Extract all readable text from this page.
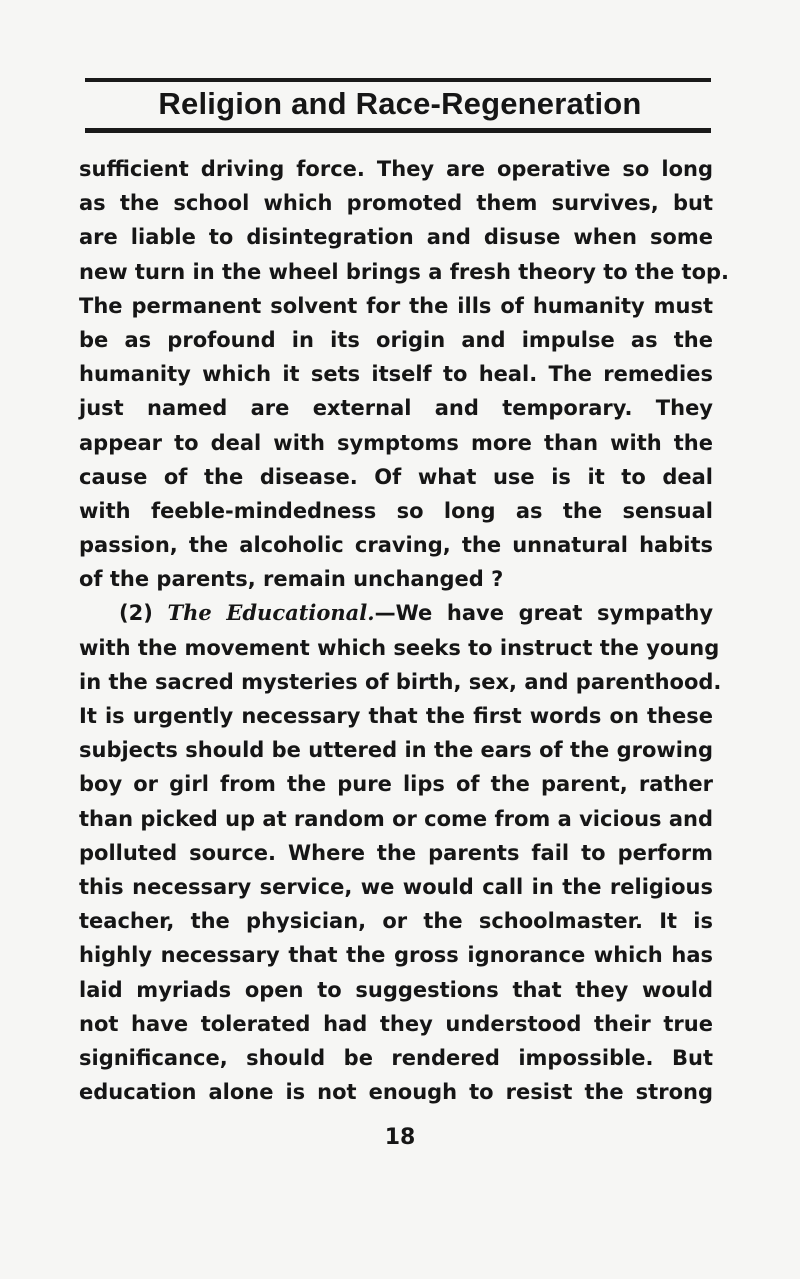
Religion and Race-Regeneration
sufficient driving force. They are operative so long
as the school which promoted them survives, but
are liable to disintegration and disuse when some
new turn in the wheel brings a fresh theory to the top.
The permanent solvent for the ills of humanity must
be as profound in its origin and impulse as the
humanity which it sets itself to heal. The remedies
just named are external and temporary. They
appear to deal with symptoms more than with the
cause of the disease. Of what use is it to deal
with feeble-mindedness so long as the sensual
passion, the alcoholic craving, the unnatural habits
of the parents, remain unchanged ?
(2) The Educational.—We have great sympathy
with the movement which seeks to instruct the young
in the sacred mysteries of birth, sex, and parenthood.
It is urgently necessary that the first words on these
subjects should be uttered in the ears of the growing
boy or girl from the pure lips of the parent, rather
than picked up at random or come from a vicious and
polluted source. Where the parents fail to perform
this necessary service, we would call in the religious
teacher, the physician, or the schoolmaster. It is
highly necessary that the gross ignorance which has
laid myriads open to suggestions that they would
not have tolerated had they understood their true
significance, should be rendered impossible. But
education alone is not enough to resist the strong
18
